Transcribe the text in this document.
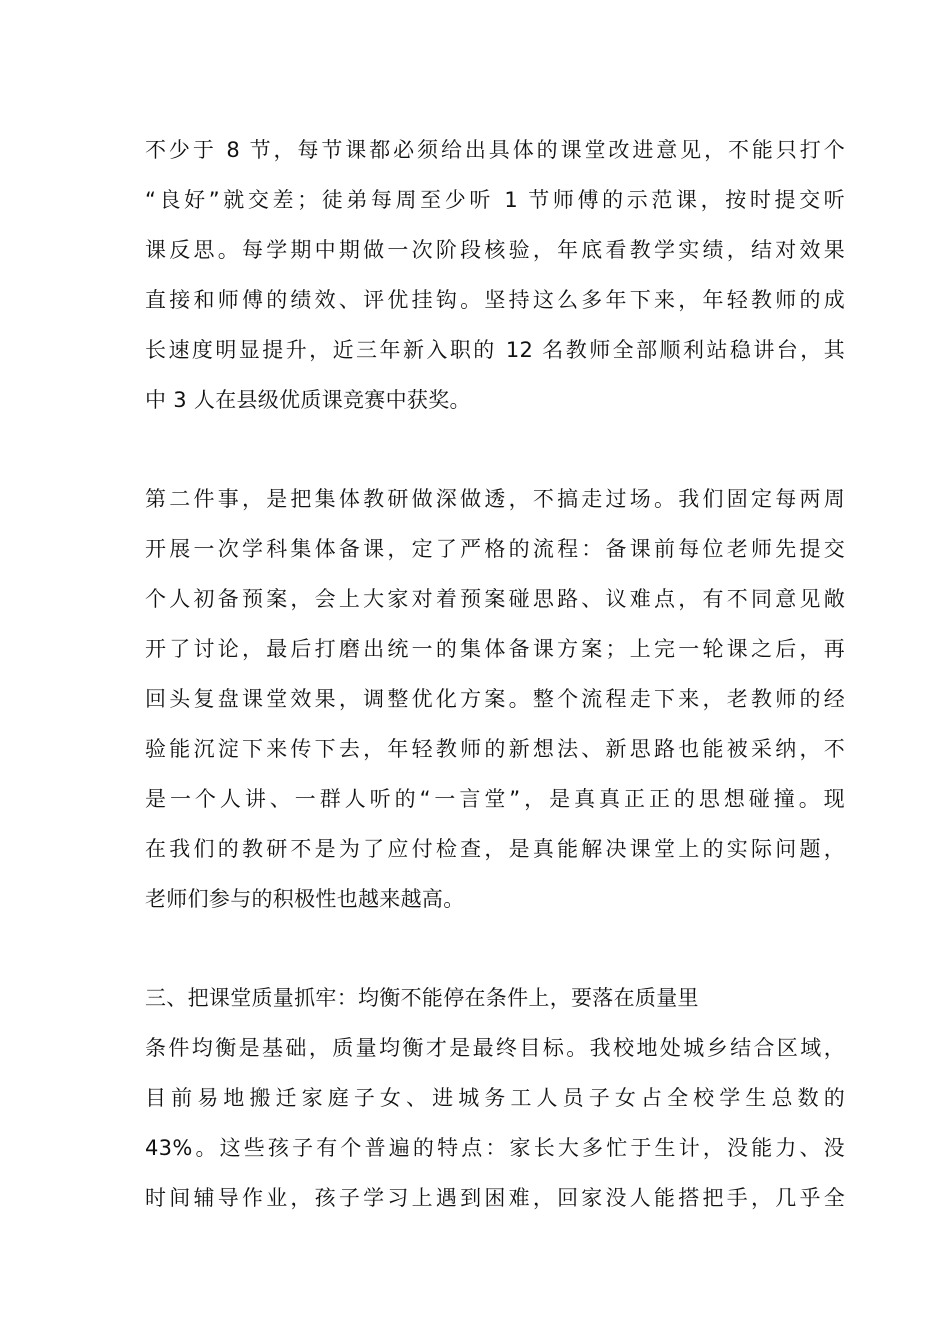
不少于 8 节，每节课都必须给出具体的课堂改进意见，不能只打个
“良好”就交差；徒弟每周至少听 1 节师傅的示范课，按时提交听
课反思。每学期中期做一次阶段核验，年底看教学实绩，结对效果
直接和师傅的绩效、评优挂钩。坚持这么多年下来，年轻教师的成
长速度明显提升，近三年新入职的 12 名教师全部顺利站稳讲台，其
中 3 人在县级优质课竞赛中获奖。
第二件事，是把集体教研做深做透，不搞走过场。我们固定每两周
开展一次学科集体备课，定了严格的流程：备课前每位老师先提交
个人初备预案，会上大家对着预案碰思路、议难点，有不同意见敞
开了讨论，最后打磨出统一的集体备课方案；上完一轮课之后，再
回头复盘课堂效果，调整优化方案。整个流程走下来，老教师的经
验能沉淀下来传下去，年轻教师的新想法、新思路也能被采纳，不
是一个人讲、一群人听的“一言堂”，是真真正正的思想碰撞。现
在我们的教研不是为了应付检查，是真能解决课堂上的实际问题，
老师们参与的积极性也越来越高。
三、把课堂质量抓牢：均衡不能停在条件上，要落在质量里
条件均衡是基础，质量均衡才是最终目标。我校地处城乡结合区域，
目前易地搬迁家庭子女、进城务工人员子女占全校学生总数的
43%。这些孩子有个普遍的特点：家长大多忙于生计，没能力、没
时间辅导作业，孩子学习上遇到困难，回家没人能搭把手，几乎全
